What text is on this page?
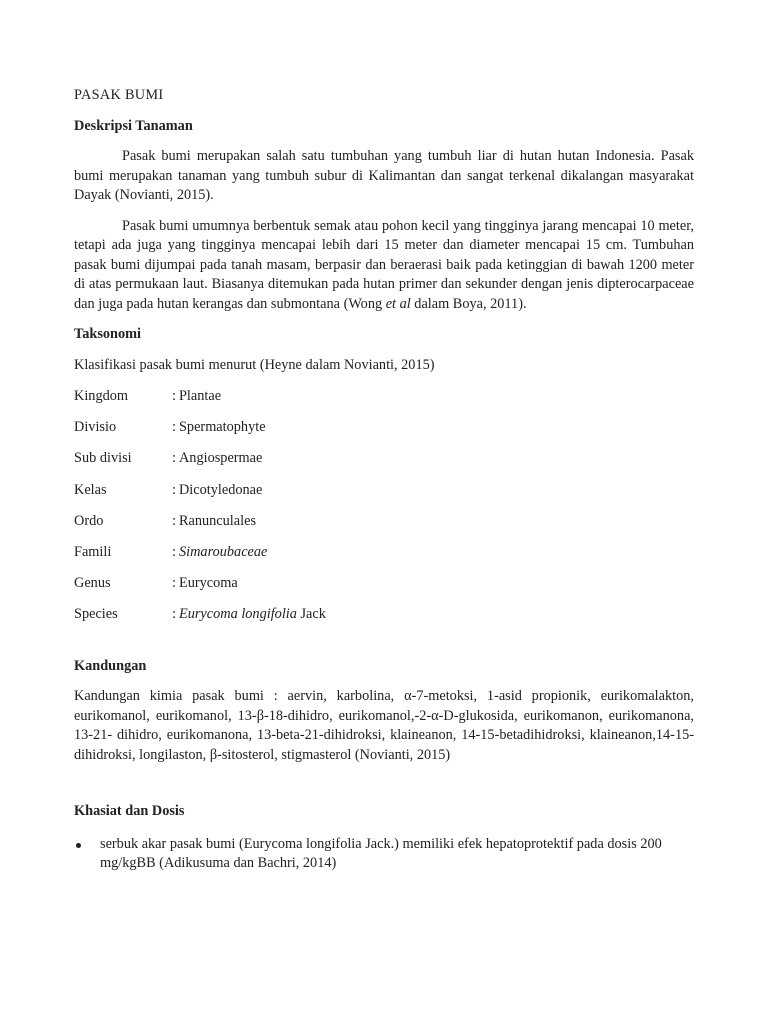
PASAK BUMI
Deskripsi Tanaman

Pasak bumi merupakan salah satu tumbuhan yang tumbuh liar di hutan hutan Indonesia. Pasak bumi merupakan tanaman yang tumbuh subur di Kalimantan dan sangat terkenal dikalangan masyarakat Dayak (Novianti, 2015).

Pasak bumi umumnya berbentuk semak atau pohon kecil yang tingginya jarang mencapai 10 meter, tetapi ada juga yang tingginya mencapai lebih dari 15 meter dan diameter mencapai 15 cm. Tumbuhan pasak bumi dijumpai pada tanah masam, berpasir dan beraerasi baik pada ketinggian di bawah 1200 meter di atas permukaan laut. Biasanya ditemukan pada hutan primer dan sekunder dengan jenis dipterocarpaceae dan juga pada hutan kerangas dan submontana (Wong et al dalam Boya, 2011).

Taksonomi

Klasifikasi pasak bumi menurut (Heyne dalam Novianti, 2015)

Kingdom	: Plantae
Divisio	: Spermatophyte
Sub divisi	: Angiospermae
Kelas	: Dicotyledonae
Ordo	: Ranunculales
Famili	: Simaroubaceae
Genus	: Eurycoma
Species	: Eurycoma longifolia Jack
Kandungan

Kandungan kimia pasak bumi : aervin, karbolina, α-7-metoksi, 1-asid propionik, eurikomalakton, eurikomanol, eurikomanol, 13-β-18-dihidro, eurikomanol,-2-α-D-glukosida, eurikomanon, eurikomanona, 13-21- dihidro, eurikomanona, 13-beta-21-dihidroksi, klaineanon, 14-15-betadihidroksi, klaineanon,14-15-dihidroksi, longilaston, β-sitosterol, stigmasterol (Novianti, 2015)

Khasiat dan Dosis
serbuk akar pasak bumi (Eurycoma longifolia Jack.) memiliki efek hepatoprotektif pada dosis 200 mg/kgBB (Adikusuma dan Bachri, 2014)
